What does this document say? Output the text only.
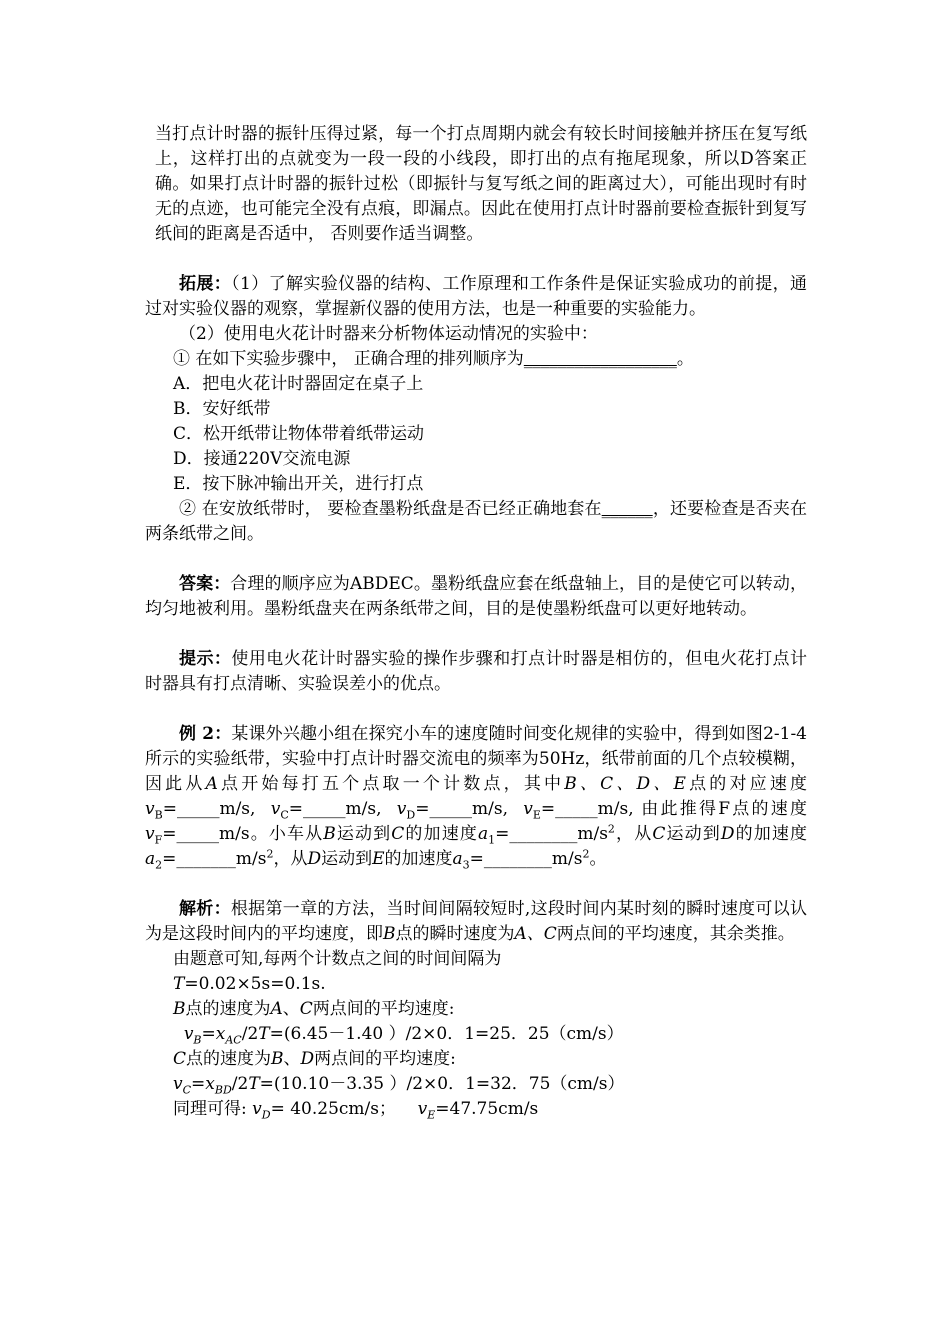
当打点计时器的振针压得过紧，每一个打点周期内就会有较长时间接触并挤压在复写纸上，这样打出的点就变为一段一段的小线段，即打出的点有拖尾现象，所以D答案正确。如果打点计时器的振针过松（即振针与复写纸之间的距离过大），可能出现时有时无的点迹，也可能完全没有点痕，即漏点。因此在使用打点计时器前要检查振针到复写纸间的距离是否适中， 否则要作适当调整。

拓展：（1）了解实验仪器的结构、工作原理和工作条件是保证实验成功的前提，通过对实验仪器的观察，掌握新仪器的使用方法，也是一种重要的实验能力。

（2）使用电火花计时器来分析物体运动情况的实验中：

① 在如下实验步骤中， 正确合理的排列顺序为__________________。

A．把电火花计时器固定在桌子上

B．安好纸带

C．松开纸带让物体带着纸带运动

D．接通220V交流电源

E．按下脉冲输出开关，进行打点

② 在安放纸带时， 要检查墨粉纸盘是否已经正确地套在______，还要检查是否夹在两条纸带之间。

答案：合理的顺序应为ABDEC。墨粉纸盘应套在纸盘轴上，目的是使它可以转动，均匀地被利用。墨粉纸盘夹在两条纸带之间，目的是使墨粉纸盘可以更好地转动。

提示：使用电火花计时器实验的操作步骤和打点计时器是相仿的，但电火花打点计时器具有打点清晰、实验误差小的优点。

例 2：某课外兴趣小组在探究小车的速度随时间变化规律的实验中，得到如图2-1-4所示的实验纸带，实验中打点计时器交流电的频率为50Hz，纸带前面的几个点较模糊，因此从A点开始每打五个点取一个计数点，其中B、C、D、E点的对应速度 $v_B=\_\_\_\_\_m/s$,  $v_C=\_\_\_\_\_m/s$,  $v_D=\_\_\_\_\_m/s$,  $v_E=\_\_\_\_\_m/s$, 由此推得F点的速度 $v_F=\_\_\_\_\_m/s$。小车从B运动到C的加速度$a_1=\_\_\_\_\_\_\_\_m/s^2$，从C运动到D的加速度$a_2=\_\_\_\_\_\_\_m/s^2$，从D运动到E的加速度$a_3=\_\_\_\_\_\_\_\_m/s^2$。

解析：根据第一章的方法，当时间间隔较短时,这段时间内某时刻的瞬时速度可以认为是这段时间内的平均速度，即B点的瞬时速度为A、C两点间的平均速度，其余类推。

由题意可知,每两个计数点之间的时间间隔为

T=0.02×5s=0.1s.

B点的速度为A、C两点间的平均速度:

$v_B=x_{AC}/2T=(6.45-1.40$ ）/2×0．1=25．25（cm/s）

C点的速度为B、D两点间的平均速度:

$v_C=x_{BD}/2T=(10.10-3.35$ ）/2×0．1=32．75（cm/s）

同理可得: $v_D= 40.25cm/s$； $v_E=47.75cm/s$
